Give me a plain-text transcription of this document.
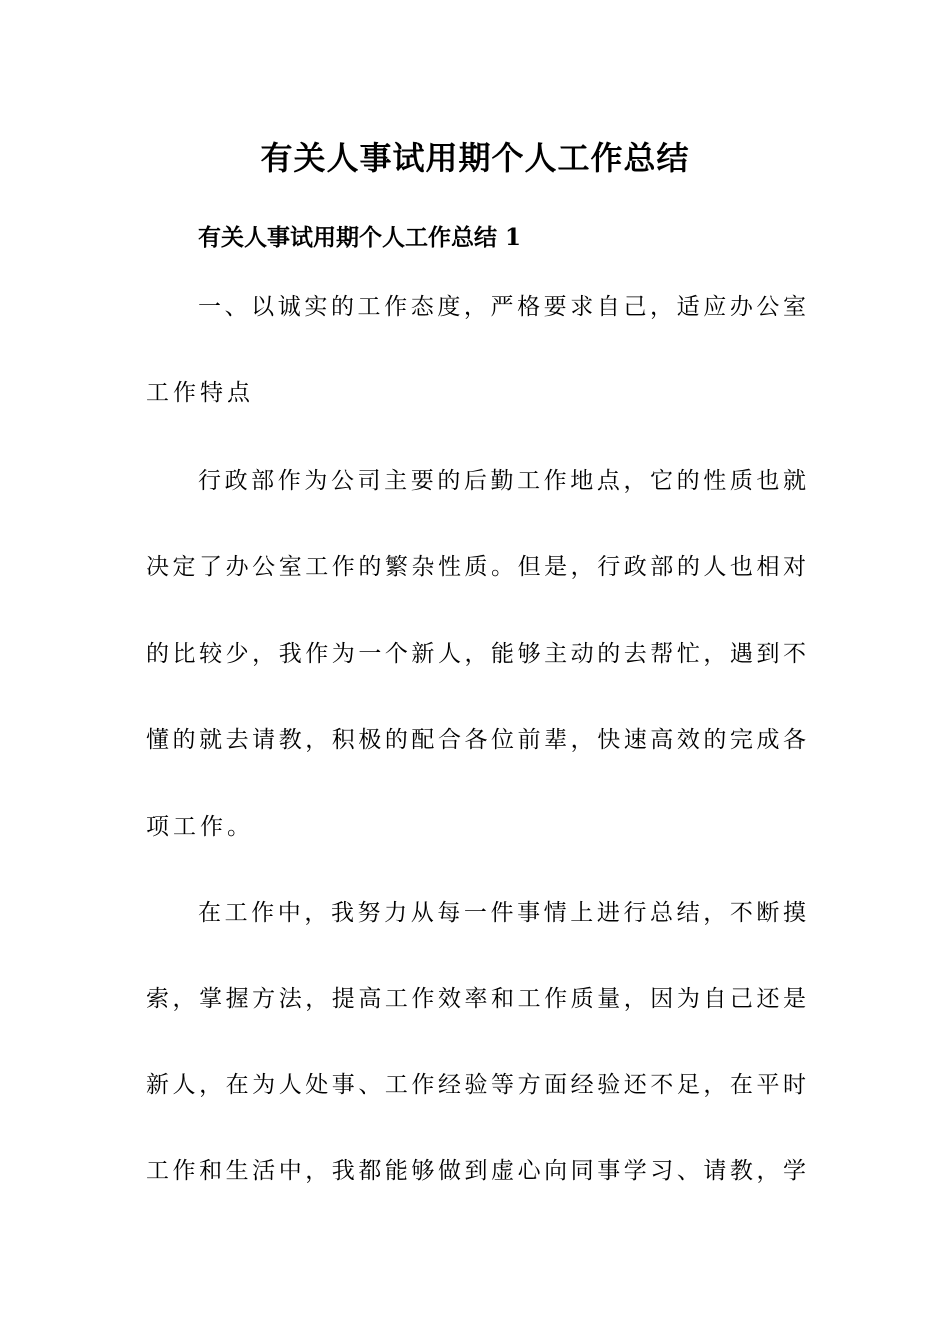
有关人事试用期个人工作总结
有关人事试用期个人工作总结 1
一、以诚实的工作态度，严格要求自己，适应办公室
工作特点
行政部作为公司主要的后勤工作地点，它的性质也就
决定了办公室工作的繁杂性质。但是，行政部的人也相对
的比较少，我作为一个新人，能够主动的去帮忙，遇到不
懂的就去请教，积极的配合各位前辈，快速高效的完成各
项工作。
在工作中，我努力从每一件事情上进行总结，不断摸
索，掌握方法，提高工作效率和工作质量，因为自己还是
新人，在为人处事、工作经验等方面经验还不足，在平时
工作和生活中，我都能够做到虚心向同事学习、请教，学
